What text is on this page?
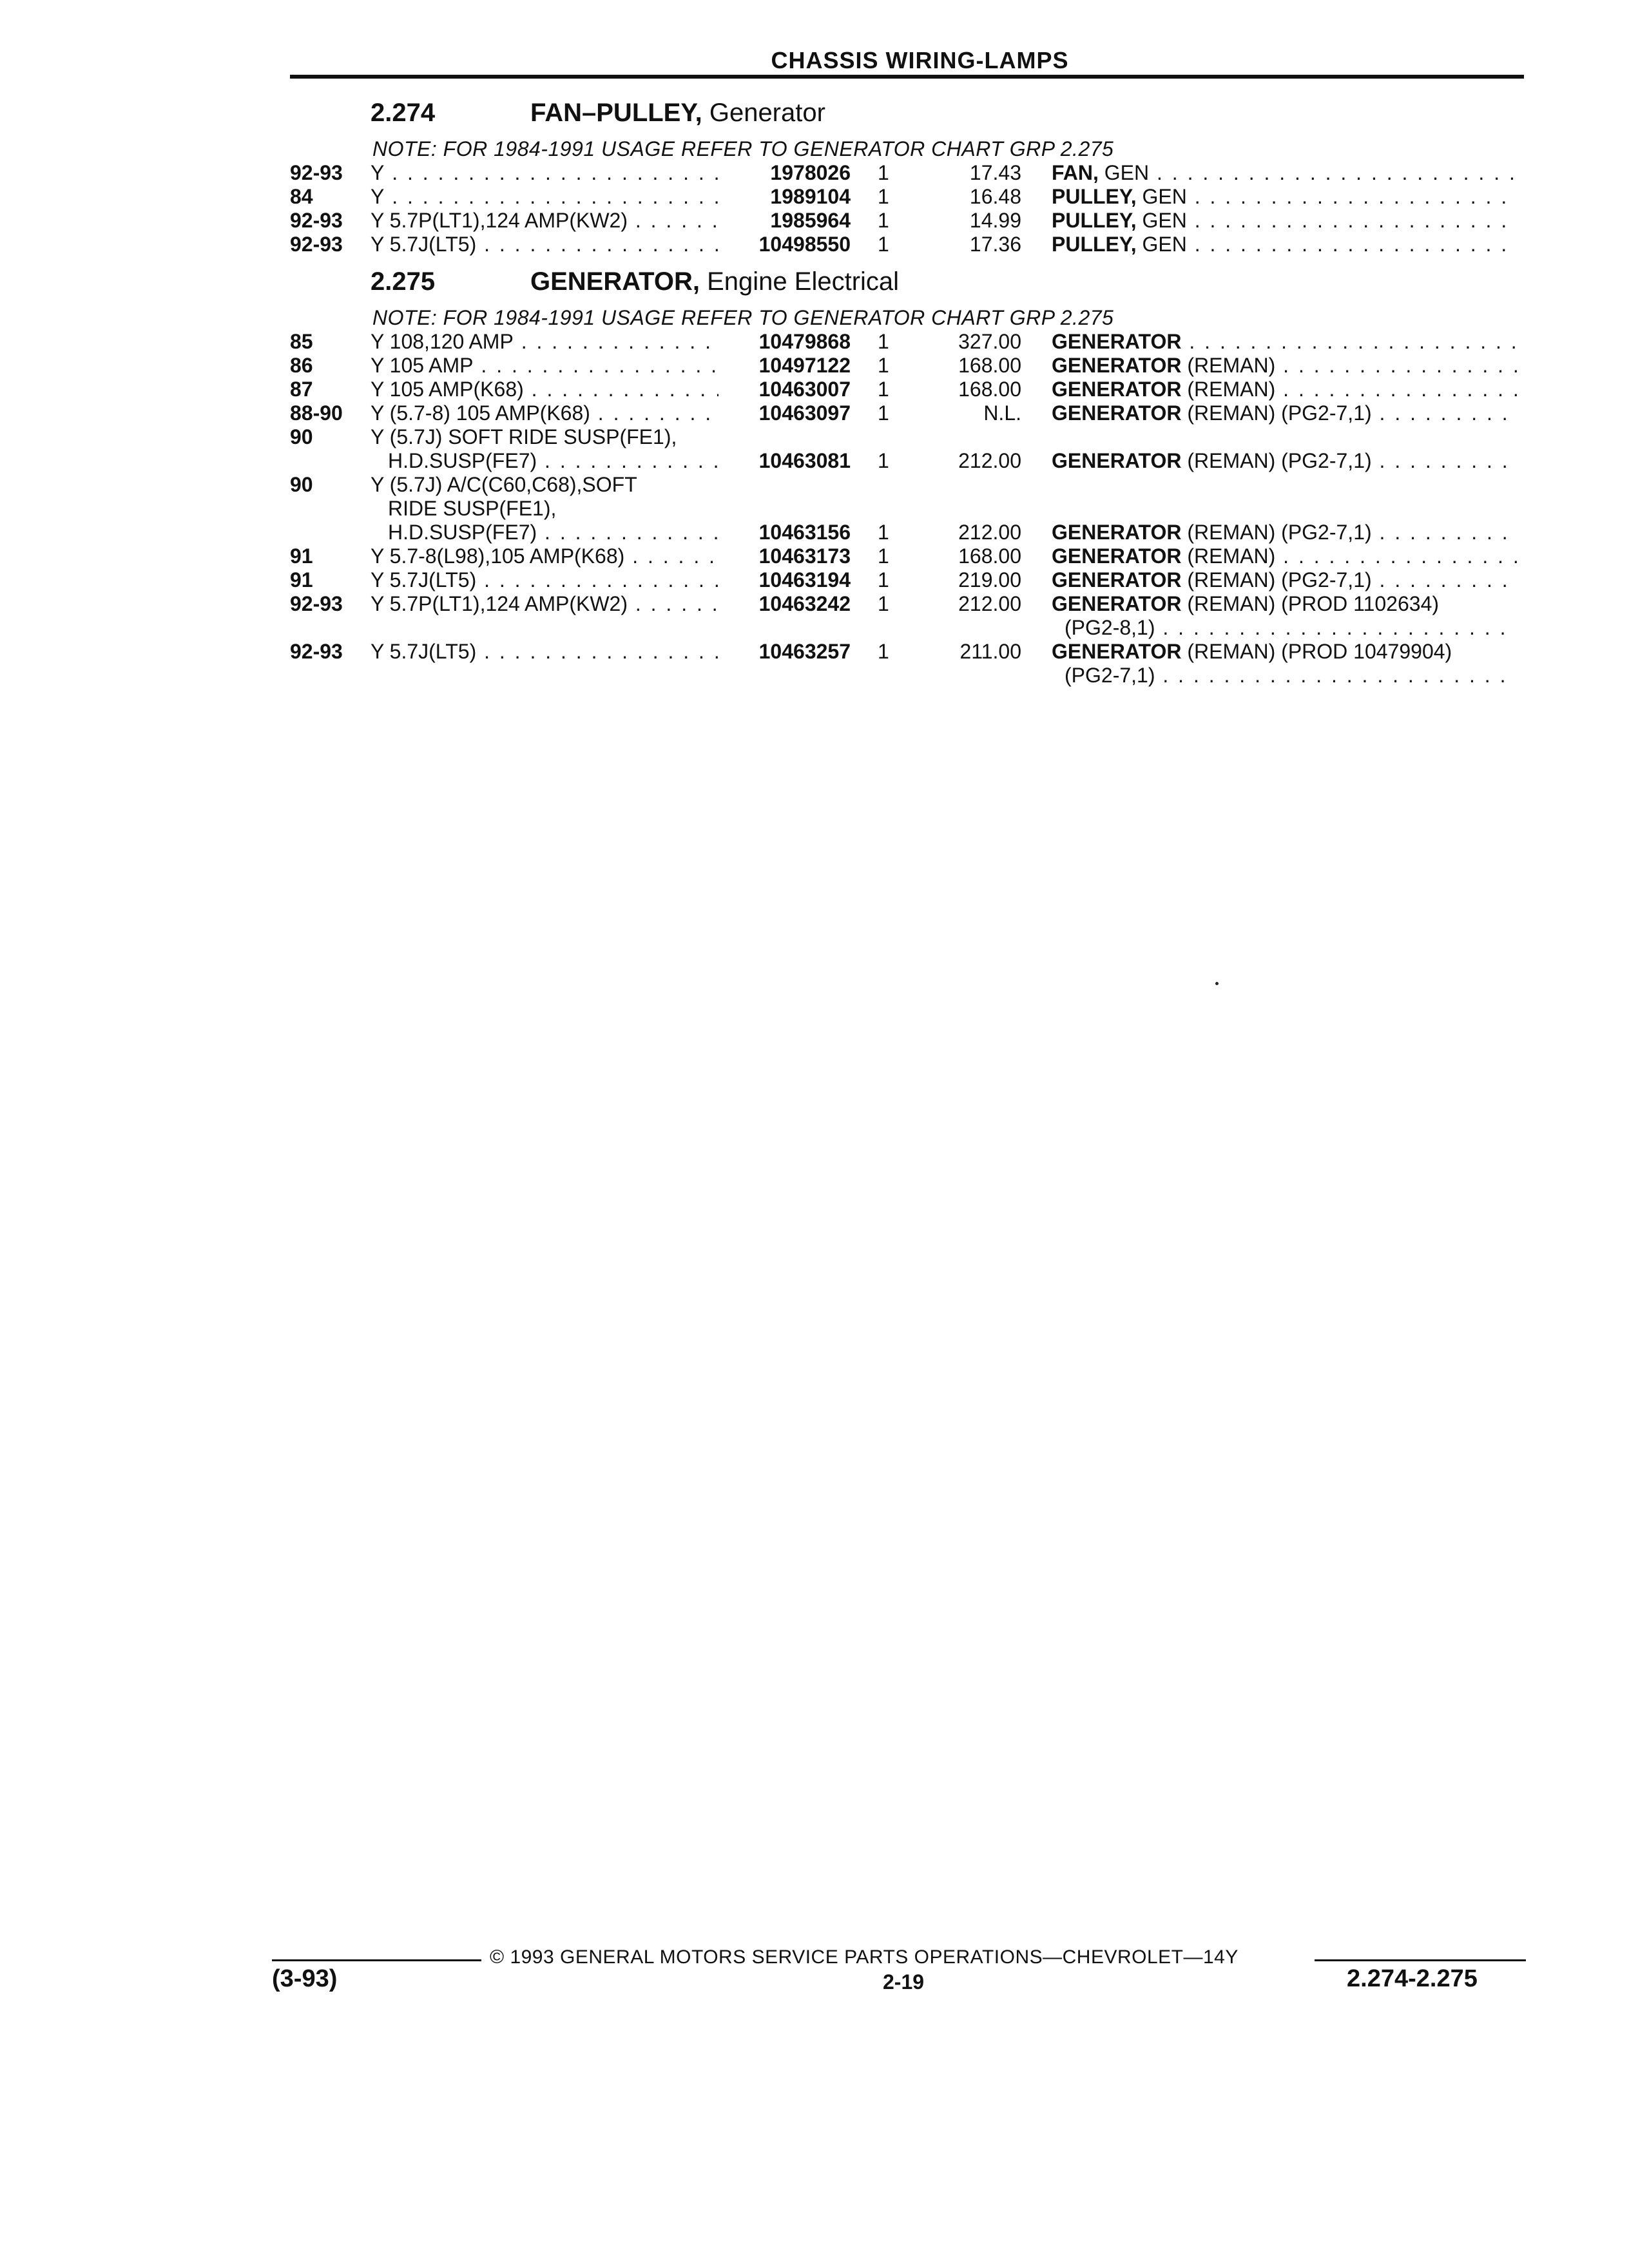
CHASSIS WIRING-LAMPS
2.274	FAN–PULLEY, Generator
NOTE: FOR 1984-1991 USAGE REFER TO GENERATOR CHART GRP 2.275
92-93 Y . . .	1978026 1	17.43 FAN, GEN . . .
84	Y . . .	1989104 1	16.48 PULLEY, GEN . . .
92-93 Y 5.7P(LT1),124 AMP(KW2) . . .	1985964 1	14.99 PULLEY, GEN . . .
92-93 Y 5.7J(LT5) . . .	10498550 1	17.36 PULLEY, GEN . . .
2.275	GENERATOR, Engine Electrical
NOTE: FOR 1984-1991 USAGE REFER TO GENERATOR CHART GRP 2.275
85	Y 108,120 AMP . . .	10479868 1	327.00 GENERATOR . . .
86	Y 105 AMP . . .	10497122 1	168.00 GENERATOR (REMAN) . . .
87	Y 105 AMP(K68) . . .	10463007 1	168.00 GENERATOR (REMAN) . . .
88-90 Y (5.7-8) 105 AMP(K68) . . .	10463097 1	N.L. GENERATOR (REMAN) (PG2-7,1) . . .
90	Y (5.7J) SOFT RIDE SUSP(FE1),
H.D.SUSP(FE7) . . .	10463081 1	212.00 GENERATOR (REMAN) (PG2-7,1) . . .
90	Y (5.7J) A/C(C60,C68),SOFT
RIDE SUSP(FE1),
H.D.SUSP(FE7) . . .	10463156 1	212.00 GENERATOR (REMAN) (PG2-7,1) . . .
91	Y 5.7-8(L98),105 AMP(K68) . . .	10463173 1	168.00 GENERATOR (REMAN) . . .
91	Y 5.7J(LT5) . . .	10463194 1	219.00 GENERATOR (REMAN) (PG2-7,1) . . .
92-93 Y 5.7P(LT1),124 AMP(KW2) . . .	10463242 1	212.00 GENERATOR (REMAN) (PROD 1102634)
(PG2-8,1) . . .
92-93 Y 5.7J(LT5) . . .	10463257 1	211.00 GENERATOR (REMAN) (PROD 10479904)
(PG2-7,1) . . .
© 1993 GENERAL MOTORS SERVICE PARTS OPERATIONS—CHEVROLET—14Y
(3-93)	2-19	2.274-2.275
